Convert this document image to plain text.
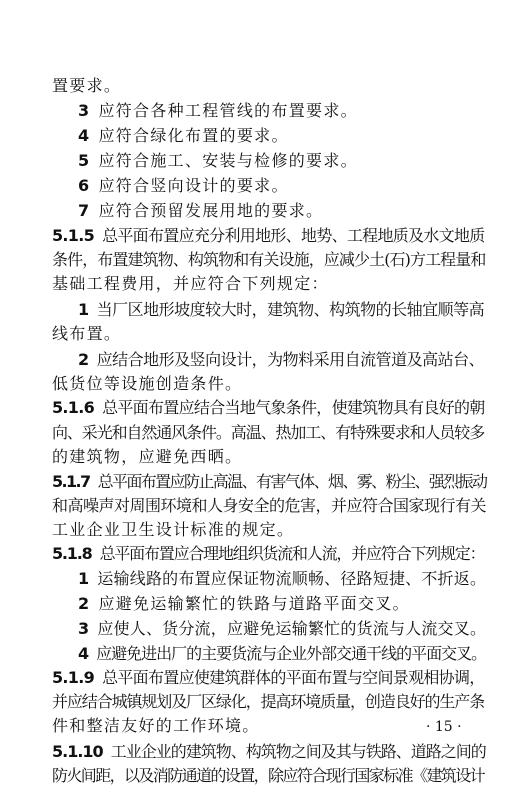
置要求。
3 应符合各种工程管线的布置要求。
4 应符合绿化布置的要求。
5 应符合施工、安装与检修的要求。
6 应符合竖向设计的要求。
7 应符合预留发展用地的要求。
5.1.5 总平面布置应充分利用地形、地势、工程地质及水文地质
条件，布置建筑物、构筑物和有关设施，应减少土(石)方工程量和
基础工程费用，并应符合下列规定：
1 当厂区地形坡度较大时，建筑物、构筑物的长轴宜顺等高
线布置。
2 应结合地形及竖向设计，为物料采用自流管道及高站台、
低货位等设施创造条件。
5.1.6 总平面布置应结合当地气象条件，使建筑物具有良好的朝
向、采光和自然通风条件。高温、热加工、有特殊要求和人员较多
的建筑物，应避免西晒。
5.1.7 总平面布置应防止高温、有害气体、烟、雾、粉尘、强烈振动
和高噪声对周围环境和人身安全的危害，并应符合国家现行有关
工业企业卫生设计标准的规定。
5.1.8 总平面布置应合理地组织货流和人流，并应符合下列规定：
1 运输线路的布置应保证物流顺畅、径路短捷、不折返。
2 应避免运输繁忙的铁路与道路平面交叉。
3 应使人、货分流，应避免运输繁忙的货流与人流交叉。
4 应避免进出厂的主要货流与企业外部交通干线的平面交叉。
5.1.9 总平面布置应使建筑群体的平面布置与空间景观相协调，
并应结合城镇规划及厂区绿化，提高环境质量，创造良好的生产条
件和整洁友好的工作环境。
5.1.10 工业企业的建筑物、构筑物之间及其与铁路、道路之间的
防火间距，以及消防通道的设置，除应符合现行国家标准《建筑设计
· 15 ·
